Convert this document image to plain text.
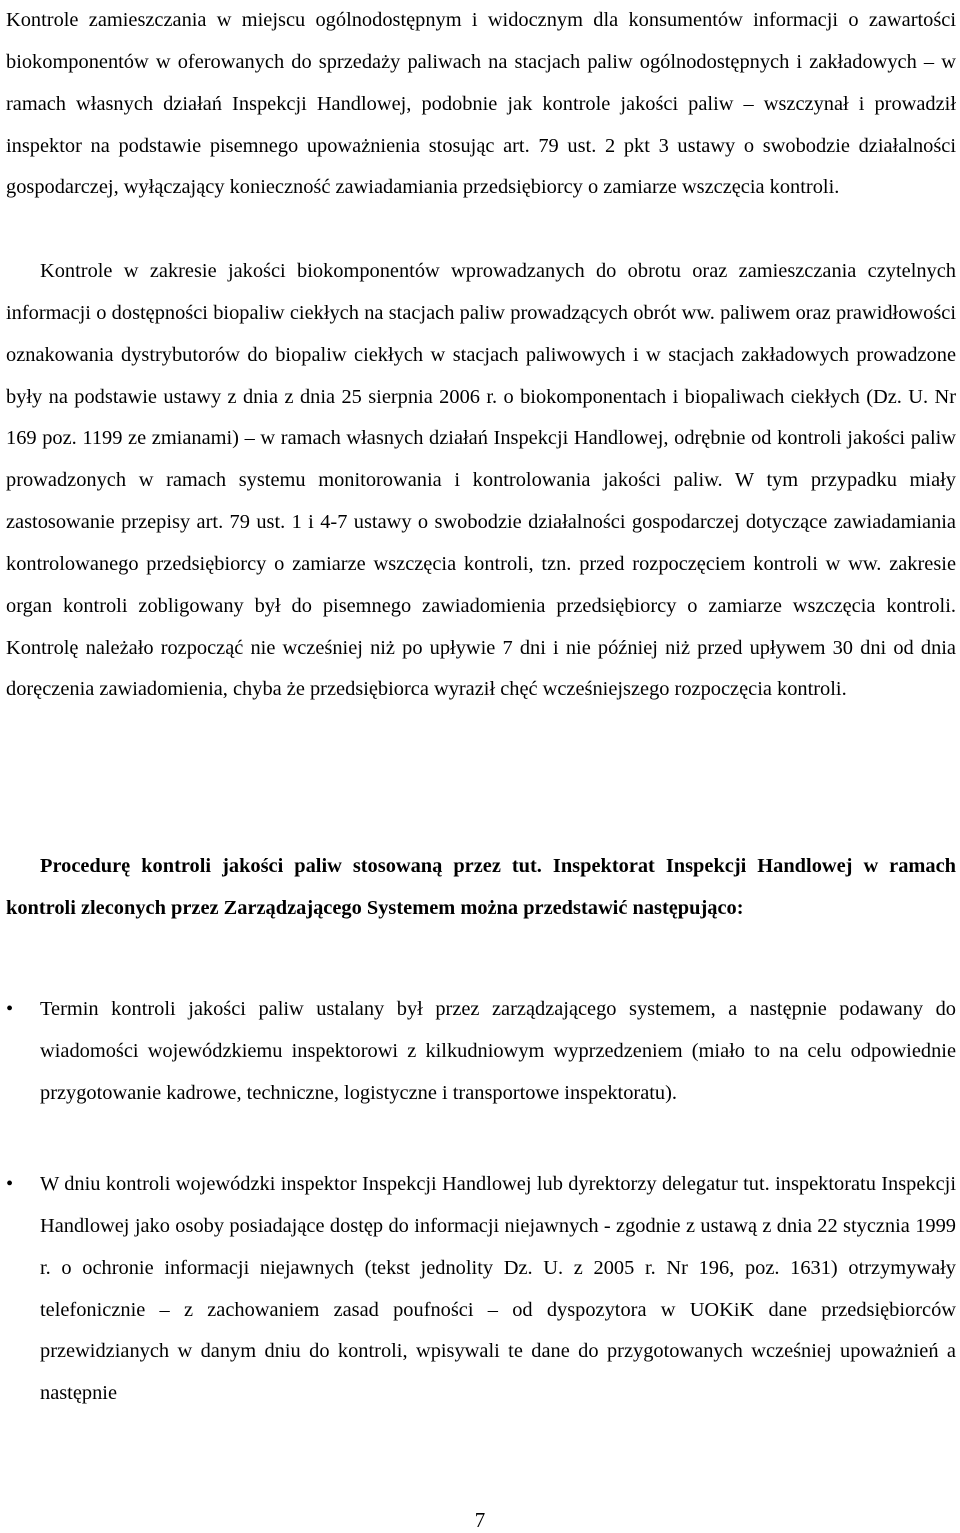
Kontrole zamieszczania w miejscu ogólnodostępnym i widocznym dla konsumentów informacji o zawartości biokomponentów w oferowanych do sprzedaży paliwach na stacjach paliw ogólnodostępnych i zakładowych – w ramach własnych działań Inspekcji Handlowej, podobnie jak kontrole jakości paliw – wszczynał i prowadził inspektor na podstawie pisemnego upoważnienia stosując art. 79 ust. 2 pkt 3 ustawy o swobodzie działalności gospodarczej, wyłączający konieczność zawiadamiania przedsiębiorcy o zamiarze wszczęcia kontroli.

Kontrole w zakresie jakości biokomponentów wprowadzanych do obrotu oraz zamieszczania czytelnych informacji o dostępności biopaliw ciekłych na stacjach paliw prowadzących obrót ww. paliwem oraz prawidłowości oznakowania dystrybutorów do biopaliw ciekłych w stacjach paliwowych i w stacjach zakładowych prowadzone były na podstawie ustawy z dnia z dnia 25 sierpnia 2006 r. o biokomponentach i biopaliwach ciekłych (Dz. U. Nr 169 poz. 1199 ze zmianami) – w ramach własnych działań Inspekcji Handlowej, odrębnie od kontroli jakości paliw prowadzonych w ramach systemu monitorowania i kontrolowania jakości paliw. W tym przypadku miały zastosowanie przepisy art. 79 ust. 1 i 4-7 ustawy o swobodzie działalności gospodarczej dotyczące zawiadamiania kontrolowanego przedsiębiorcy o zamiarze wszczęcia kontroli, tzn. przed rozpoczęciem kontroli w ww. zakresie organ kontroli zobligowany był do pisemnego zawiadomienia przedsiębiorcy o zamiarze wszczęcia kontroli. Kontrolę należało rozpocząć nie wcześniej niż po upływie 7 dni i nie później niż przed upływem 30 dni od dnia doręczenia zawiadomienia, chyba że przedsiębiorca wyraził chęć wcześniejszego rozpoczęcia kontroli.

Procedurę kontroli jakości paliw stosowaną przez tut. Inspektorat Inspekcji Handlowej w ramach kontroli zleconych przez Zarządzającego Systemem można przedstawić następująco:

•	Termin kontroli jakości paliw ustalany był przez zarządzającego systemem, a następnie podawany do wiadomości wojewódzkiemu inspektorowi z kilkudniowym wyprzedzeniem (miało to na celu odpowiednie przygotowanie kadrowe, techniczne, logistyczne i transportowe inspektoratu).

•	W dniu kontroli wojewódzki inspektor Inspekcji Handlowej lub dyrektorzy delegatur tut. inspektoratu Inspekcji Handlowej jako osoby posiadające dostęp do informacji niejawnych - zgodnie z ustawą z dnia 22 stycznia 1999 r. o ochronie informacji niejawnych (tekst jednolity Dz. U. z 2005 r. Nr 196, poz. 1631) otrzymywały telefonicznie – z zachowaniem zasad poufności – od dyspozytora w UOKiK dane przedsiębiorców przewidzianych w danym dniu do kontroli, wpisywali te dane do przygotowanych wcześniej upoważnień a następnie

7
